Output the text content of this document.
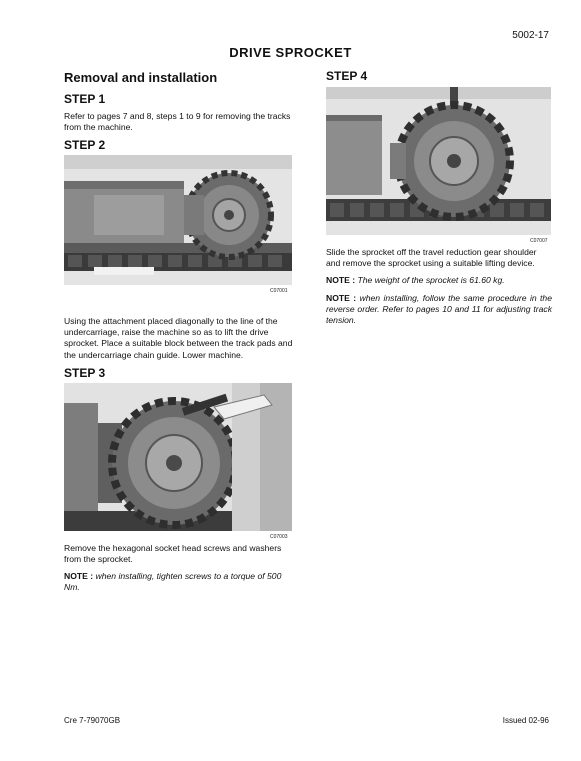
5002-17
DRIVE SPROCKET
Removal and installation
STEP 1
Refer to pages 7 and 8, steps 1 to 9 for removing the tracks from the machine.
STEP 2
C07001
Using the attachment placed diagonally to the line of the undercarriage, raise the machine so as to lift the drive sprocket. Place a suitable block between the track pads and the undercarriage chain guide. Lower machine.
STEP 3
C07003
Remove the hexagonal socket head screws and washers from the sprocket.
NOTE : when installing, tighten screws to a torque of 500 Nm.
STEP 4
C07007
Slide the sprocket off the travel reduction gear shoulder and remove the sprocket using a suitable lifting device.
NOTE : The weight of the sprocket is 61.60 kg.
NOTE : when installing, follow the same procedure in the reverse order. Refer to pages 10 and 11 for adjusting track tension.
Cre 7-79070GB	Issued 02-96
